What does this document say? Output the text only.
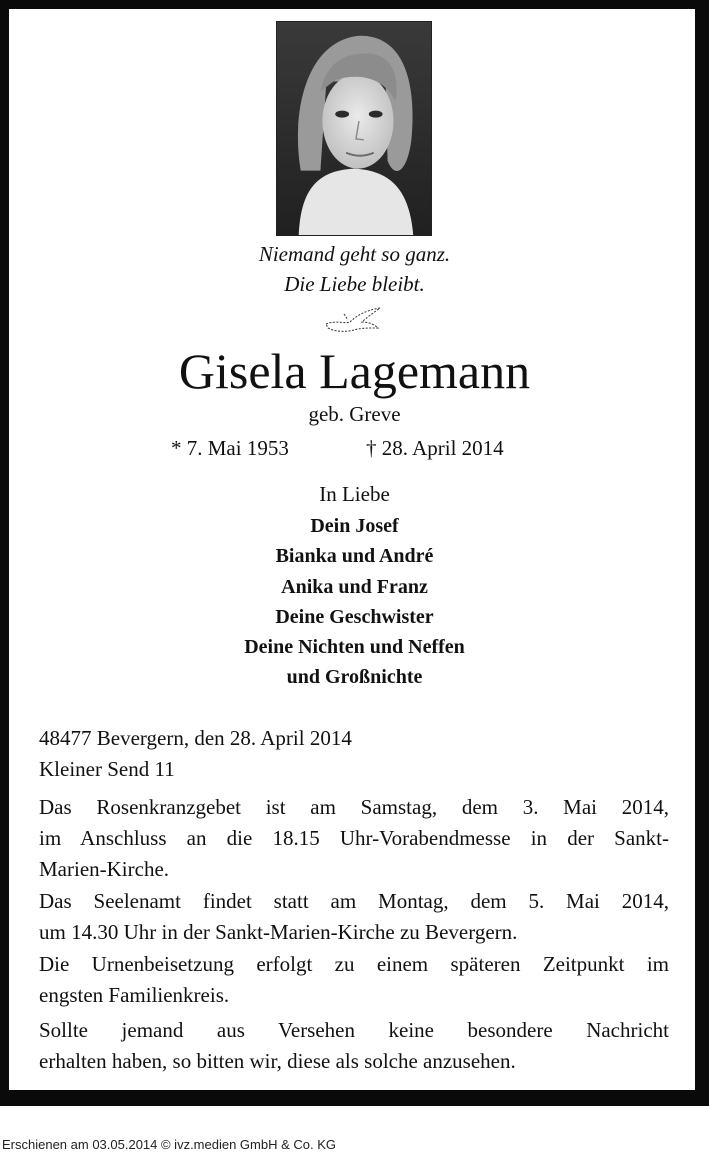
Niemand geht so ganz.
Die Liebe bleibt.
Gisela Lagemann
geb. Greve
* 7. Mai 1953	† 28. April 2014
In Liebe
Dein Josef
Bianka und André
Anika und Franz
Deine Geschwister
Deine Nichten und Neffen
und Großnichte
48477 Bevergern, den 28. April 2014
Kleiner Send 11
Das Rosenkranzgebet ist am Samstag, dem 3. Mai 2014,
im Anschluss an die 18.15 Uhr-Vorabendmesse in der Sankt-
Marien-Kirche.
Das Seelenamt findet statt am Montag, dem 5. Mai 2014,
um 14.30 Uhr in der Sankt-Marien-Kirche zu Bevergern.
Die Urnenbeisetzung erfolgt zu einem späteren Zeitpunkt im
engsten Familienkreis.
Sollte jemand aus Versehen keine besondere Nachricht
erhalten haben, so bitten wir, diese als solche anzusehen.
Erschienen am 03.05.2014 © ivz.medien GmbH & Co. KG
